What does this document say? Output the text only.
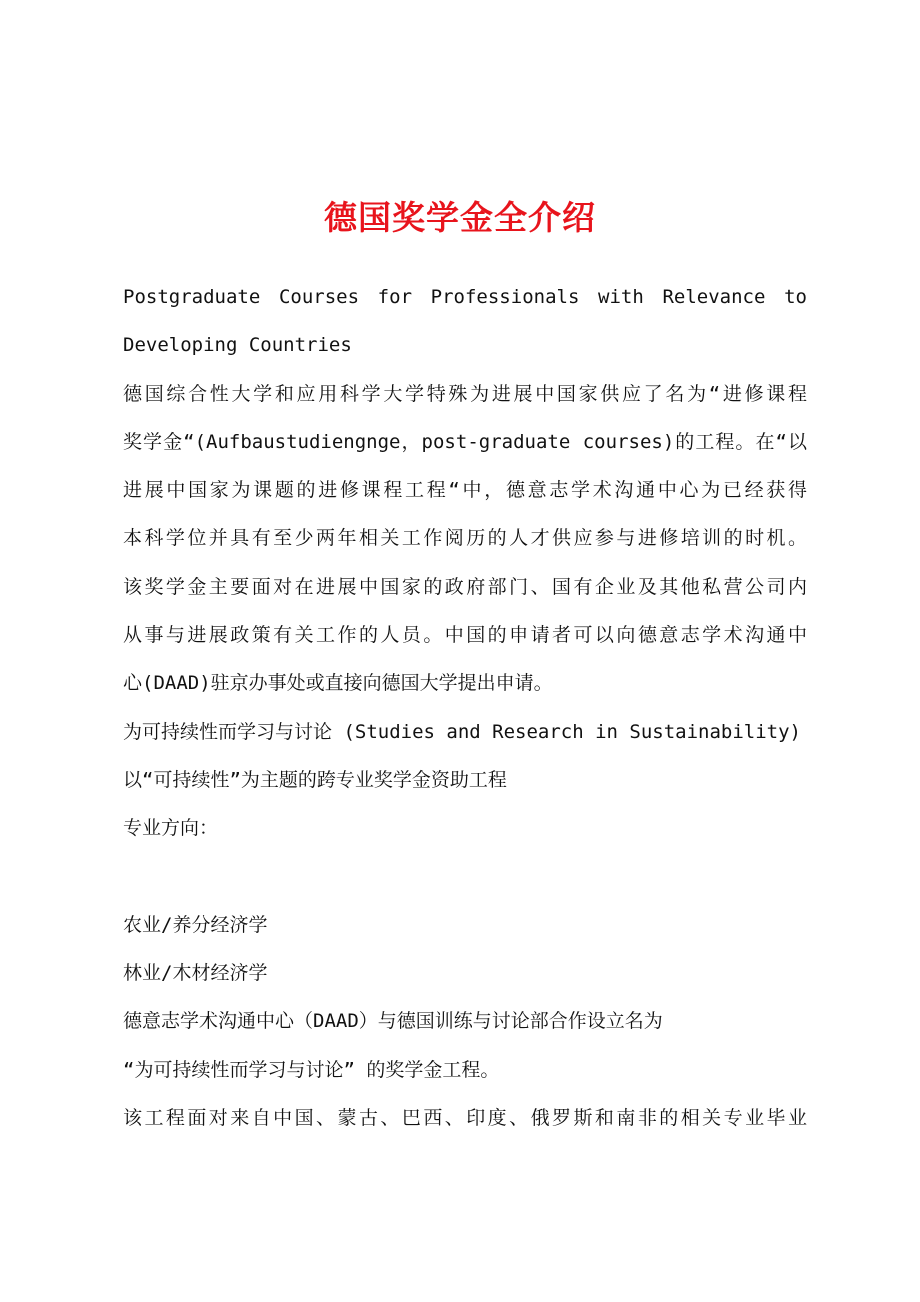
德国奖学金全介绍
Postgraduate Courses for Professionals with Relevance to
Developing Countries
德国综合性大学和应用科学大学特殊为进展中国家供应了名为“进修课程
奖学金“(Aufbaustudiengnge，post-graduate courses)的工程。在“以
进展中国家为课题的进修课程工程“中，德意志学术沟通中心为已经获得
本科学位并具有至少两年相关工作阅历的人才供应参与进修培训的时机。
该奖学金主要面对在进展中国家的政府部门、国有企业及其他私营公司内
从事与进展政策有关工作的人员。中国的申请者可以向德意志学术沟通中
心(DAAD)驻京办事处或直接向德国大学提出申请。
为可持续性而学习与讨论 (Studies and Research in Sustainability)
以“可持续性”为主题的跨专业奖学金资助工程
专业方向：
农业/养分经济学
林业/木材经济学
德意志学术沟通中心（DAAD）与德国训练与讨论部合作设立名为
“为可持续性而学习与讨论” 的奖学金工程。
该工程面对来自中国、蒙古、巴西、印度、俄罗斯和南非的相关专业毕业
